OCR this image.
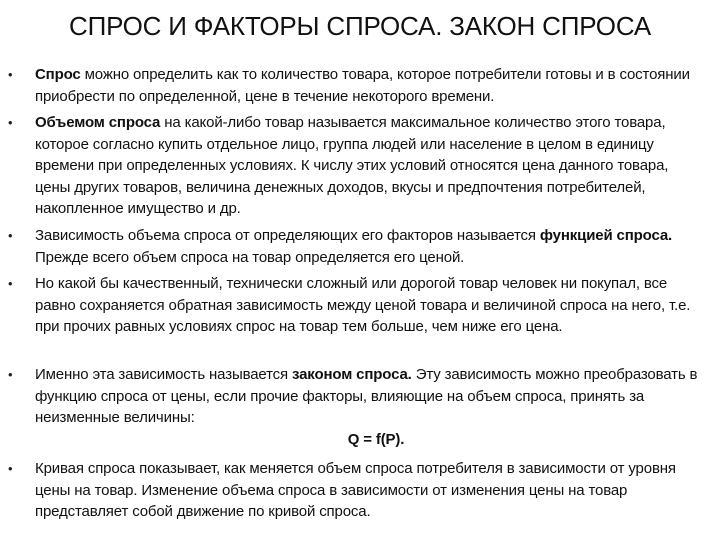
СПРОС И ФАКТОРЫ СПРОСА. ЗАКОН СПРОСА
•	Спрос можно определить как то количество товара, которое потребители готовы и в состоянии приобрести по определенной, цене в течение некоторого времени.
•	Объемом спроса на какой-либо товар называется максимальное количество этого товара, которое согласно купить отдельное лицо, группа людей или население в целом в единицу времени при определенных условиях. К числу этих условий относятся цена данного товара, цены других товаров, величина денежных доходов, вкусы и предпочтения потребителей, накопленное имущество и др.
•	Зависимость объема спроса от определяющих его факторов называется функцией спроса. Прежде всего объем спроса на товар определяется его ценой.
•	Но какой бы качественный, технически сложный или дорогой товар человек ни покупал, все равно сохраняется обратная зависимость между ценой товара и величиной спроса на него, т.е. при прочих равных условиях спрос на товар тем больше, чем ниже его цена.
•	Именно эта зависимость называется законом спроса. Эту зависимость можно преобразовать в функцию спроса от цены, если прочие факторы, влияющие на объем спроса, принять за неизменные величины:
Q = f(P).
•	Кривая спроса показывает, как меняется объем спроса потребителя в зависимости от уровня цены на товар. Изменение объема спроса в зависимости от изменения цены на товар представляет собой движение по кривой спроса.
